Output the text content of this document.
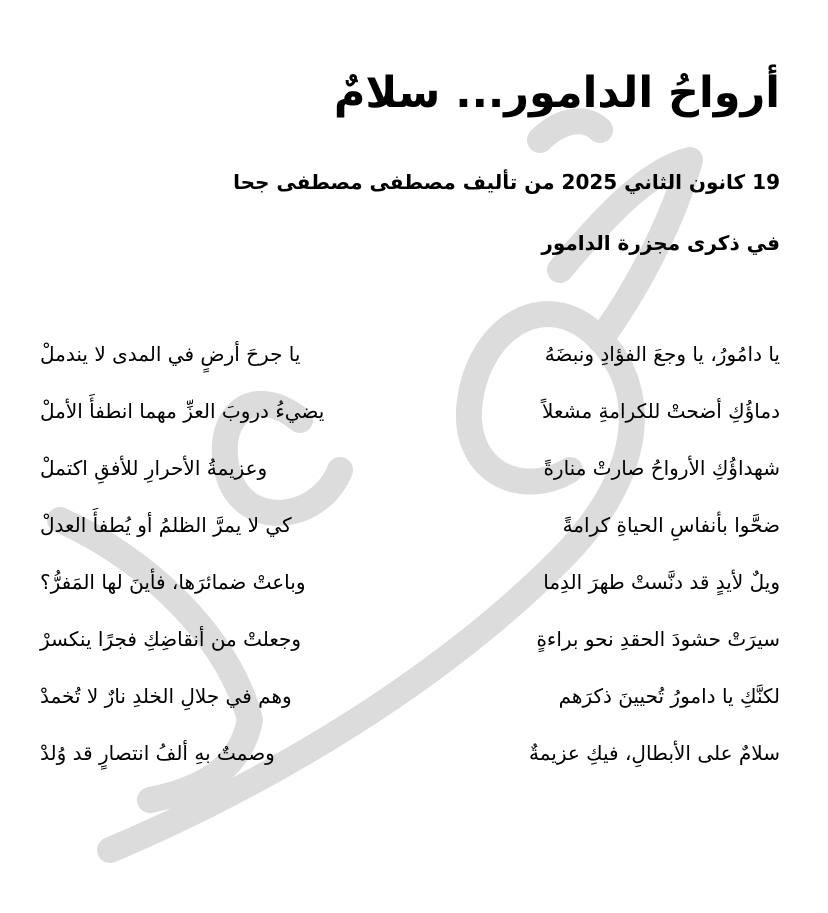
أرواحُ الدامور... سلامٌ

19 كانون الثاني 2025 من تأليف مصطفى مصطفى جحا

في ذكرى مجزرة الدامور

يا دامُورُ، يا وجعَ الفؤادِ ونبضَهُ
يا جرحَ أرضٍ في المدى لا يندملْ
دماؤُكِ أضحتْ للكرامةِ مشعلاً
يضيءُ دروبَ العزِّ مهما انطفأَ الأملْ
شهداؤُكِ الأرواحُ صارتْ منارةً
وعزيمةُ الأحرارِ للأفقِ اكتملْ
ضحَّوا بأنفاسِ الحياةِ كرامةً
كي لا يمرَّ الظلمُ أو يُطفأَ العدلْ
ويلٌ لأيدٍ قد دنَّستْ طهرَ الدِما
وباعتْ ضمائرَها، فأينَ لها المَفرُّ؟
سيرَتْ حشودَ الحقدِ نحو براءةٍ
وجعلتْ من أنقاضِكِ فجرًا ينكسرْ
لكنَّكِ يا دامورُ تُحيينَ ذكرَهم
وهم في جلالِ الخلدِ نارٌ لا تُخمدْ
سلامٌ على الأبطالِ، فيكِ عزيمةٌ
وصمتٌ بهِ ألفُ انتصارٍ قد وُلدْ
